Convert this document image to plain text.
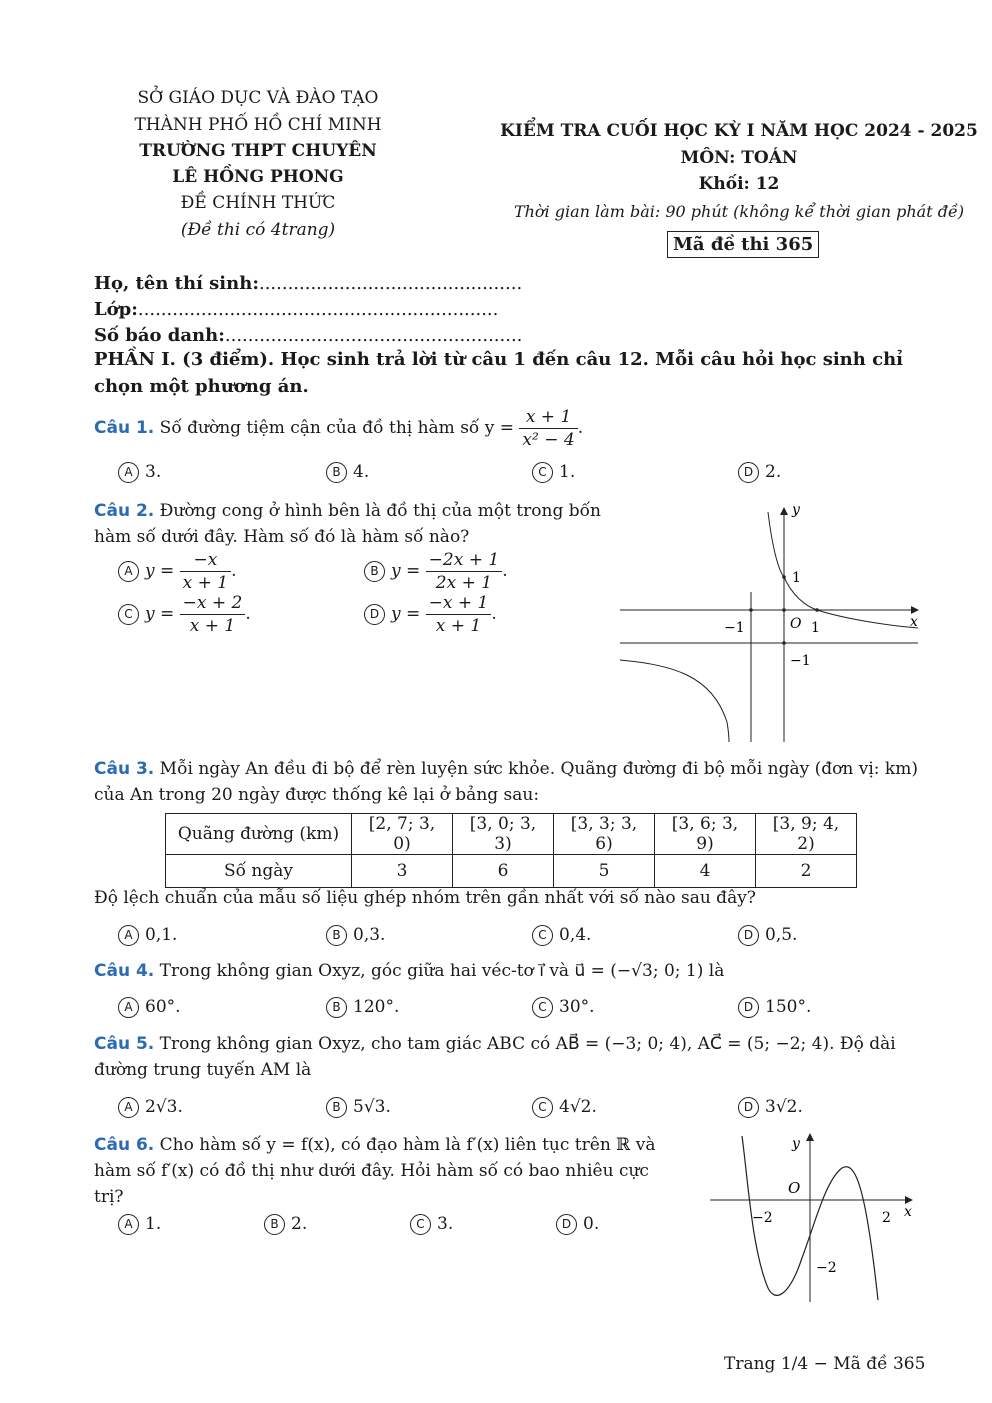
SỞ GIÁO DỤC VÀ ĐÀO TẠO
THÀNH PHỐ HỒ CHÍ MINH
TRƯỜNG THPT CHUYÊN
LÊ HỒNG PHONG
ĐỀ CHÍNH THỨC
(Đề thi có 4trang)
KIỂM TRA CUỐI HỌC KỲ I NĂM HỌC 2024 - 2025
MÔN: TOÁN
Khối: 12
Thời gian làm bài: 90 phút (không kể thời gian phát đề)
Mã đề thi 365
Họ, tên thí sinh:..............................................
Lớp:...............................................................
Số báo danh:....................................................
PHẦN I. (3 điểm). Học sinh trả lời từ câu 1 đến câu 12. Mỗi câu hỏi học sinh chỉ
chọn một phương án.
Câu 1. Số đường tiệm cận của đồ thị hàm số $y = \frac{x + 1}{\text{x² − 4}}$ .
A 3.	B 4.	C 1.	D 2.
Câu 2. Đường cong ở hình bên là đồ thị của một trong bốn
hàm số dưới đây. Hàm số đó là hàm số nào?
A $y = \frac{-x}{x + 1}$ .	B $y = \frac{-2x + 1}{2x + 1}$ .
C $y = \frac{-x + 2}{x + 1}$ .	D $y = \frac{-x + 1}{x + 1}$ .
y
x
O 1
1
−1
−1
Câu 3. Mỗi ngày An đều đi bộ để rèn luyện sức khỏe. Quãng đường đi bộ mỗi ngày (đơn vị: km)
của An trong 20 ngày được thống kê lại ở bảng sau:
Quãng đường (km)	[2, 7; 3, 0)	[3, 0; 3, 3)	[3, 3; 3, 6)	[3, 6; 3, 9)	[3, 9; 4, 2)
Số ngày	3	6	5	4	2
Độ lệch chuẩn của mẫu số liệu ghép nhóm trên gần nhất với số nào sau đây?
A 0,1.	B 0,3.	C 0,4.	D 0,5.
Câu 4. Trong không gian Oxyz, góc giữa hai véc-tơ i⃗ và u⃗ = (−√3; 0; 1) là
A 60°.	B 120°.	C 30°.	D 150°.
Câu 5. Trong không gian Oxyz, cho tam giác ABC có AB⃗ = (−3; 0; 4), AC⃗ = (5; −2; 4). Độ dài
đường trung tuyến AM là
A 2√3.	B 5√3.	C 4√2.	D 3√2.
Câu 6. Cho hàm số y = f(x), có đạo hàm là f′(x) liên tục trên ℝ và
hàm số f′(x) có đồ thị như dưới đây. Hỏi hàm số có bao nhiêu cực
trị?
A 1.	B 2.	C 3.	D 0.
y
x
O
−2	2
−2
Trang 1/4 − Mã đề 365
